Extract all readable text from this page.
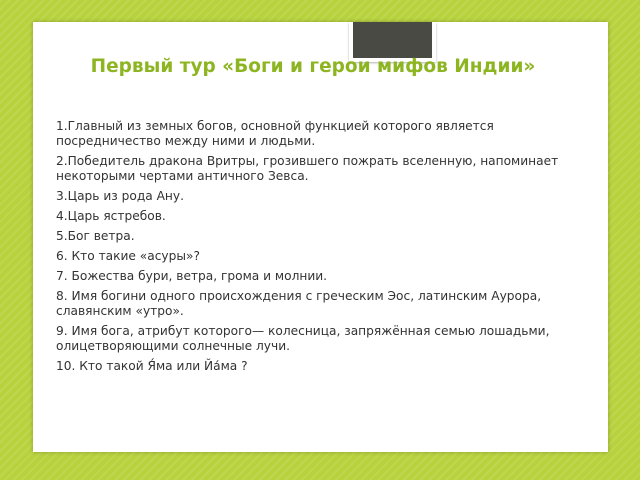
Первый тур «Боги и герои мифов Индии»
1.Главный из земных богов, основной функцией которого является посредничество между ними и людьми.
2.Победитель дракона Вритры, грозившего пожрать вселенную, напоминает некоторыми чертами античного Зевса.
3.Царь из рода Ану.
4.Царь ястребов.
5.Бог ветра.
6. Кто такие «асуры»?
7. Божества бури, ветра, грома и молнии.
8. Имя богини одного происхождения с греческим Эос, латинским Аурора, славянским «утро».
9. Имя бога, атрибут которого— колесница, запряжённая семью лошадьми, олицетворяющими солнечные лучи.
10. Кто такой Я́ма или Йа́ма ?
